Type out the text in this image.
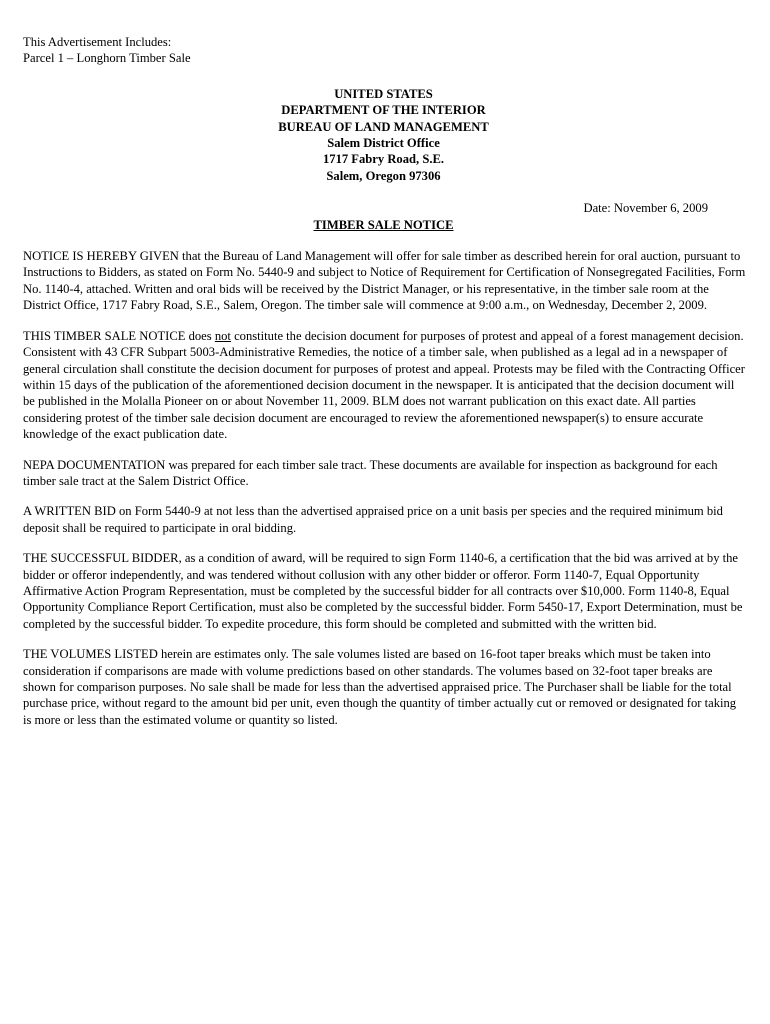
This Advertisement Includes:

Parcel 1 – Longhorn Timber Sale

UNITED STATES

DEPARTMENT OF THE INTERIOR

BUREAU OF LAND MANAGEMENT

Salem District Office

1717 Fabry Road, S.E.

Salem, Oregon 97306

Date: November 6, 2009

TIMBER SALE NOTICE

NOTICE IS HEREBY GIVEN that the Bureau of Land Management will offer for sale timber as described herein for oral auction, pursuant to Instructions to Bidders, as stated on Form No. 5440-9 and subject to Notice of Requirement for Certification of Nonsegregated Facilities, Form No. 1140-4, attached. Written and oral bids will be received by the District Manager, or his representative, in the timber sale room at the District Office, 1717 Fabry Road, S.E., Salem, Oregon. The timber sale will commence at 9:00 a.m., on Wednesday, December 2, 2009.

THIS TIMBER SALE NOTICE does not constitute the decision document for purposes of protest and appeal of a forest management decision. Consistent with 43 CFR Subpart 5003-Administrative Remedies, the notice of a timber sale, when published as a legal ad in a newspaper of general circulation shall constitute the decision document for purposes of protest and appeal. Protests may be filed with the Contracting Officer within 15 days of the publication of the aforementioned decision document in the newspaper. It is anticipated that the decision document will be published in the Molalla Pioneer on or about November 11, 2009. BLM does not warrant publication on this exact date. All parties considering protest of the timber sale decision document are encouraged to review the aforementioned newspaper(s) to ensure accurate knowledge of the exact publication date.

NEPA DOCUMENTATION was prepared for each timber sale tract. These documents are available for inspection as background for each timber sale tract at the Salem District Office.

A WRITTEN BID on Form 5440-9 at not less than the advertised appraised price on a unit basis per species and the required minimum bid deposit shall be required to participate in oral bidding.

THE SUCCESSFUL BIDDER, as a condition of award, will be required to sign Form 1140-6, a certification that the bid was arrived at by the bidder or offeror independently, and was tendered without collusion with any other bidder or offeror. Form 1140-7, Equal Opportunity Affirmative Action Program Representation, must be completed by the successful bidder for all contracts over $10,000. Form 1140-8, Equal Opportunity Compliance Report Certification, must also be completed by the successful bidder. Form 5450-17, Export Determination, must be completed by the successful bidder. To expedite procedure, this form should be completed and submitted with the written bid.

THE VOLUMES LISTED herein are estimates only. The sale volumes listed are based on 16-foot taper breaks which must be taken into consideration if comparisons are made with volume predictions based on other standards. The volumes based on 32-foot taper breaks are shown for comparison purposes. No sale shall be made for less than the advertised appraised price. The Purchaser shall be liable for the total purchase price, without regard to the amount bid per unit, even though the quantity of timber actually cut or removed or designated for taking is more or less than the estimated volume or quantity so listed.
